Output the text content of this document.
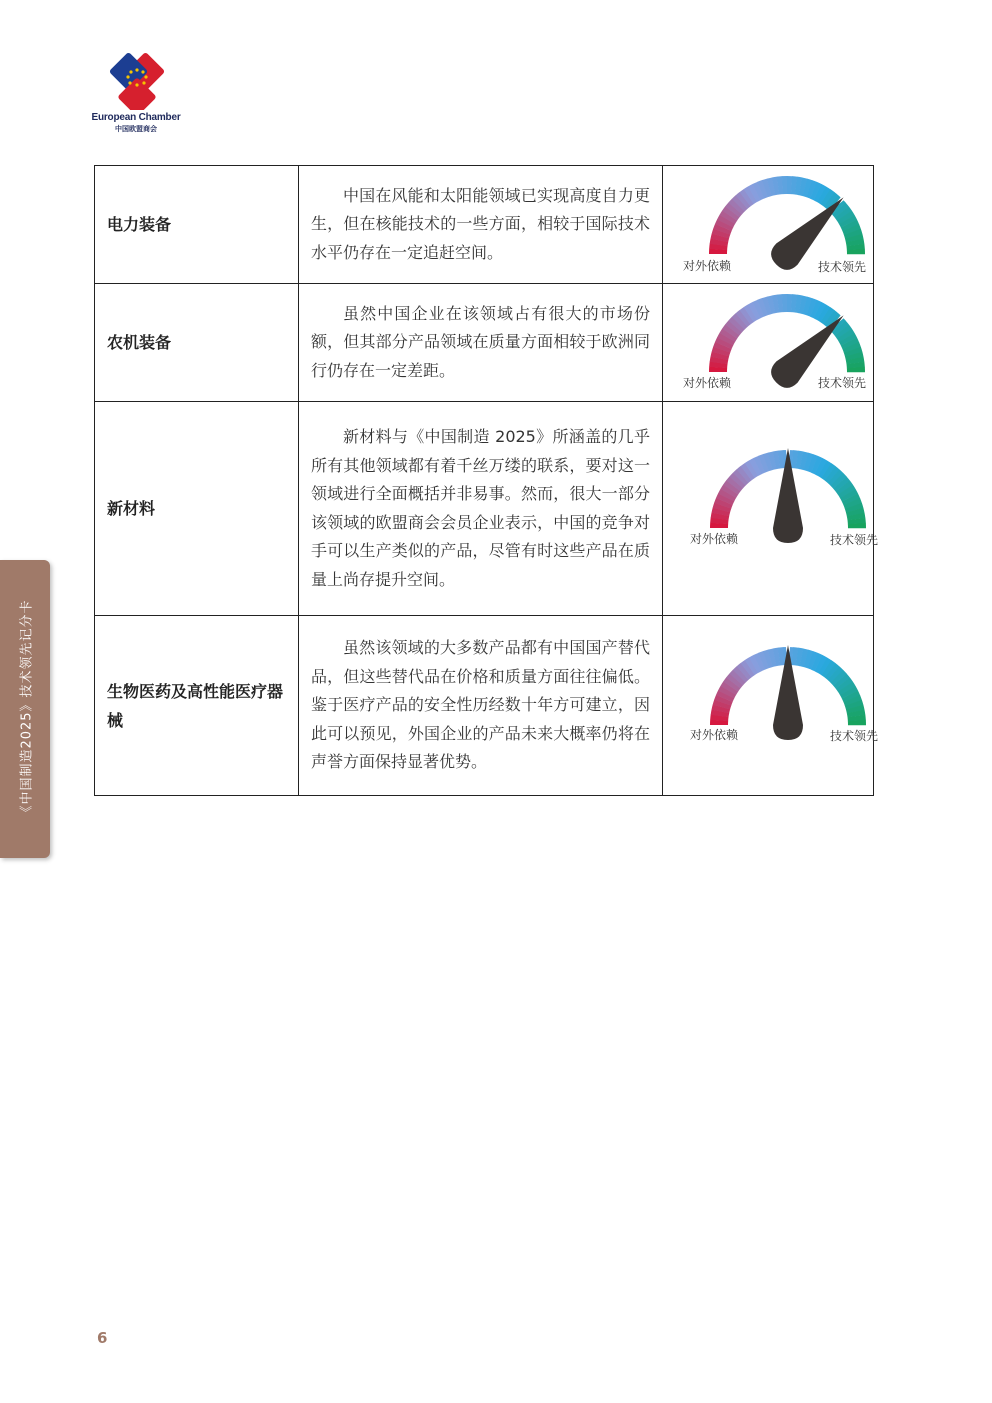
European Chamber
中国欧盟商会
电力装备	中国在风能和太阳能领域已实现高度自力更生，但在核能技术的一些方面，相较于国际技术水平仍存在一定追赶空间。	对外依赖 技术领先

农机装备	虽然中国企业在该领域占有很大的市场份额，但其部分产品领域在质量方面相较于欧洲同行仍存在一定差距。	对外依赖 技术领先

新材料	新材料与《中国制造 2025》所涵盖的几乎所有其他领域都有着千丝万缕的联系，要对这一领域进行全面概括并非易事。然而，很大一部分该领域的欧盟商会会员企业表示，中国的竞争对手可以生产类似的产品，尽管有时这些产品在质量上尚存提升空间。	对外依赖 技术领先

生物医药及高性能医疗器械	虽然该领域的大多数产品都有中国国产替代品，但这些替代品在价格和质量方面往往偏低。鉴于医疗产品的安全性历经数十年方可建立，因此可以预见，外国企业的产品未来大概率仍将在声誉方面保持显著优势。	对外依赖 技术领先
《中国制造2025》技术领先记分卡
6
